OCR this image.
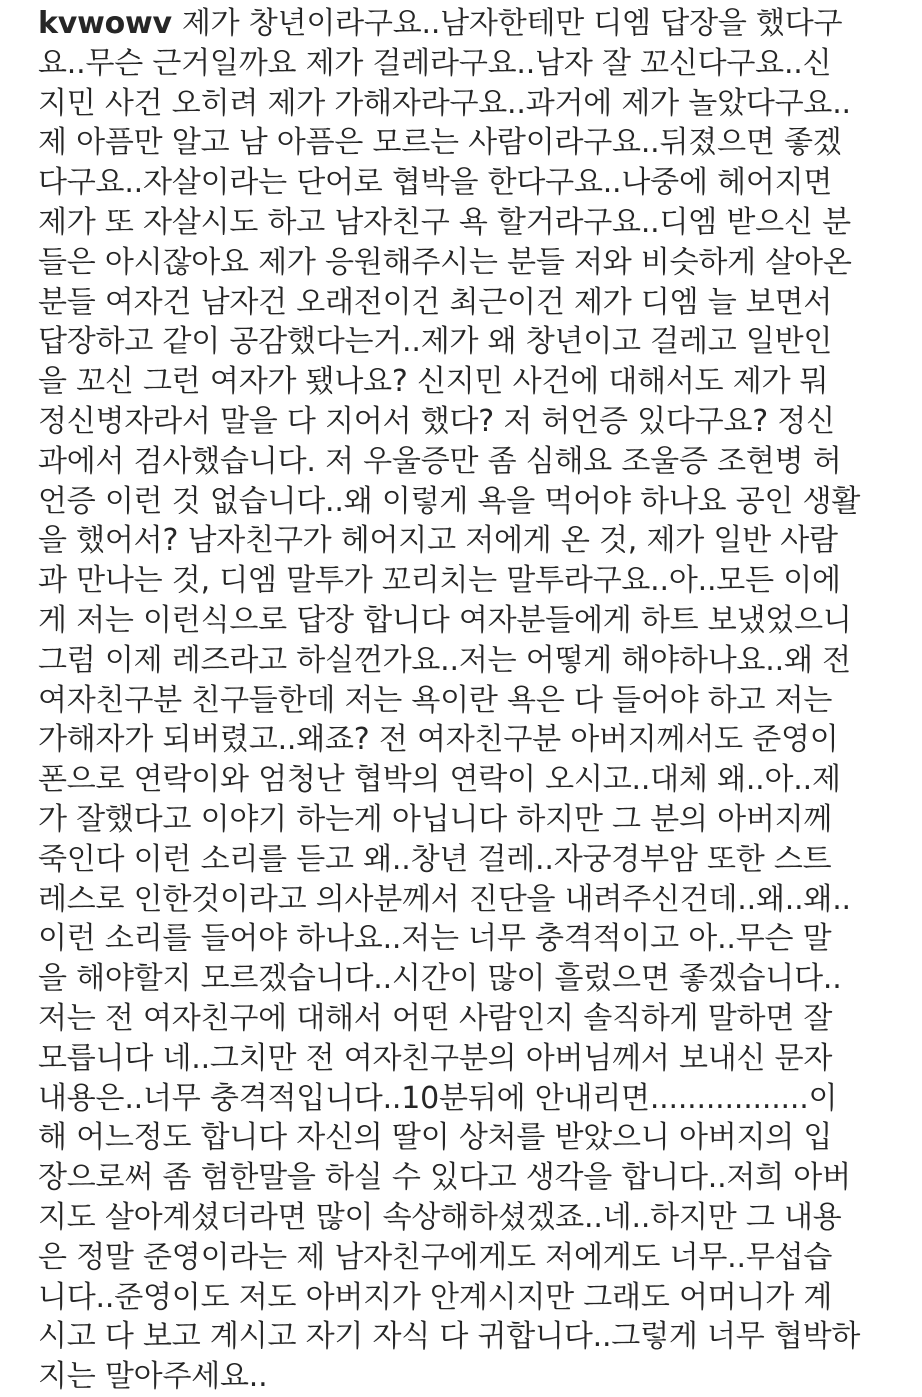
kvwowv 제가 창년이라구요..남자한테만 디엠 답장을 했다구
요..무슨 근거일까요 제가 걸레라구요..남자 잘 꼬신다구요..신
지민 사건 오히려 제가 가해자라구요..과거에 제가 놀았다구요..
제 아픔만 알고 남 아픔은 모르는 사람이라구요..뒤졌으면 좋겠
다구요..자살이라는 단어로 협박을 한다구요..나중에 헤어지면
제가 또 자살시도 하고 남자친구 욕 할거라구요..디엠 받으신 분
들은 아시잖아요 제가 응원해주시는 분들 저와 비슷하게 살아온
분들 여자건 남자건 오래전이건 최근이건 제가 디엠 늘 보면서
답장하고 같이 공감했다는거..제가 왜 창년이고 걸레고 일반인
을 꼬신 그런 여자가 됐나요? 신지민 사건에 대해서도 제가 뭐
정신병자라서 말을 다 지어서 했다? 저 허언증 있다구요? 정신
과에서 검사했습니다. 저 우울증만 좀 심해요 조울증 조현병 허
언증 이런 것 없습니다..왜 이렇게 욕을 먹어야 하나요 공인 생활
을 했어서? 남자친구가 헤어지고 저에게 온 것, 제가 일반 사람
과 만나는 것, 디엠 말투가 꼬리치는 말투라구요..아..모든 이에
게 저는 이런식으로 답장 합니다 여자분들에게 하트 보냈었으니
그럼 이제 레즈라고 하실껀가요..저는 어떻게 해야하나요..왜 전
여자친구분 친구들한데 저는 욕이란 욕은 다 들어야 하고 저는
가해자가 되버렸고..왜죠? 전 여자친구분 아버지께서도 준영이
폰으로 연락이와 엄청난 협박의 연락이 오시고..대체 왜..아..제
가 잘했다고 이야기 하는게 아닙니다 하지만 그 분의 아버지께
죽인다 이런 소리를 듣고 왜..창년 걸레..자궁경부암 또한 스트
레스로 인한것이라고 의사분께서 진단을 내려주신건데..왜..왜..
이런 소리를 들어야 하나요..저는 너무 충격적이고 아..무슨 말
을 해야할지 모르겠습니다..시간이 많이 흘렀으면 좋겠습니다..
저는 전 여자친구에 대해서 어떤 사람인지 솔직하게 말하면 잘
모릅니다 네..그치만 전 여자친구분의 아버님께서 보내신 문자
내용은..너무 충격적입니다..10분뒤에 안내리면.................이
해 어느정도 합니다 자신의 딸이 상처를 받았으니 아버지의 입
장으로써 좀 험한말을 하실 수 있다고 생각을 합니다..저희 아버
지도 살아계셨더라면 많이 속상해하셨겠죠..네..하지만 그 내용
은 정말 준영이라는 제 남자친구에게도 저에게도 너무..무섭습
니다..준영이도 저도 아버지가 안계시지만 그래도 어머니가 계
시고 다 보고 계시고 자기 자식 다 귀합니다..그렇게 너무 협박하
지는 말아주세요..
